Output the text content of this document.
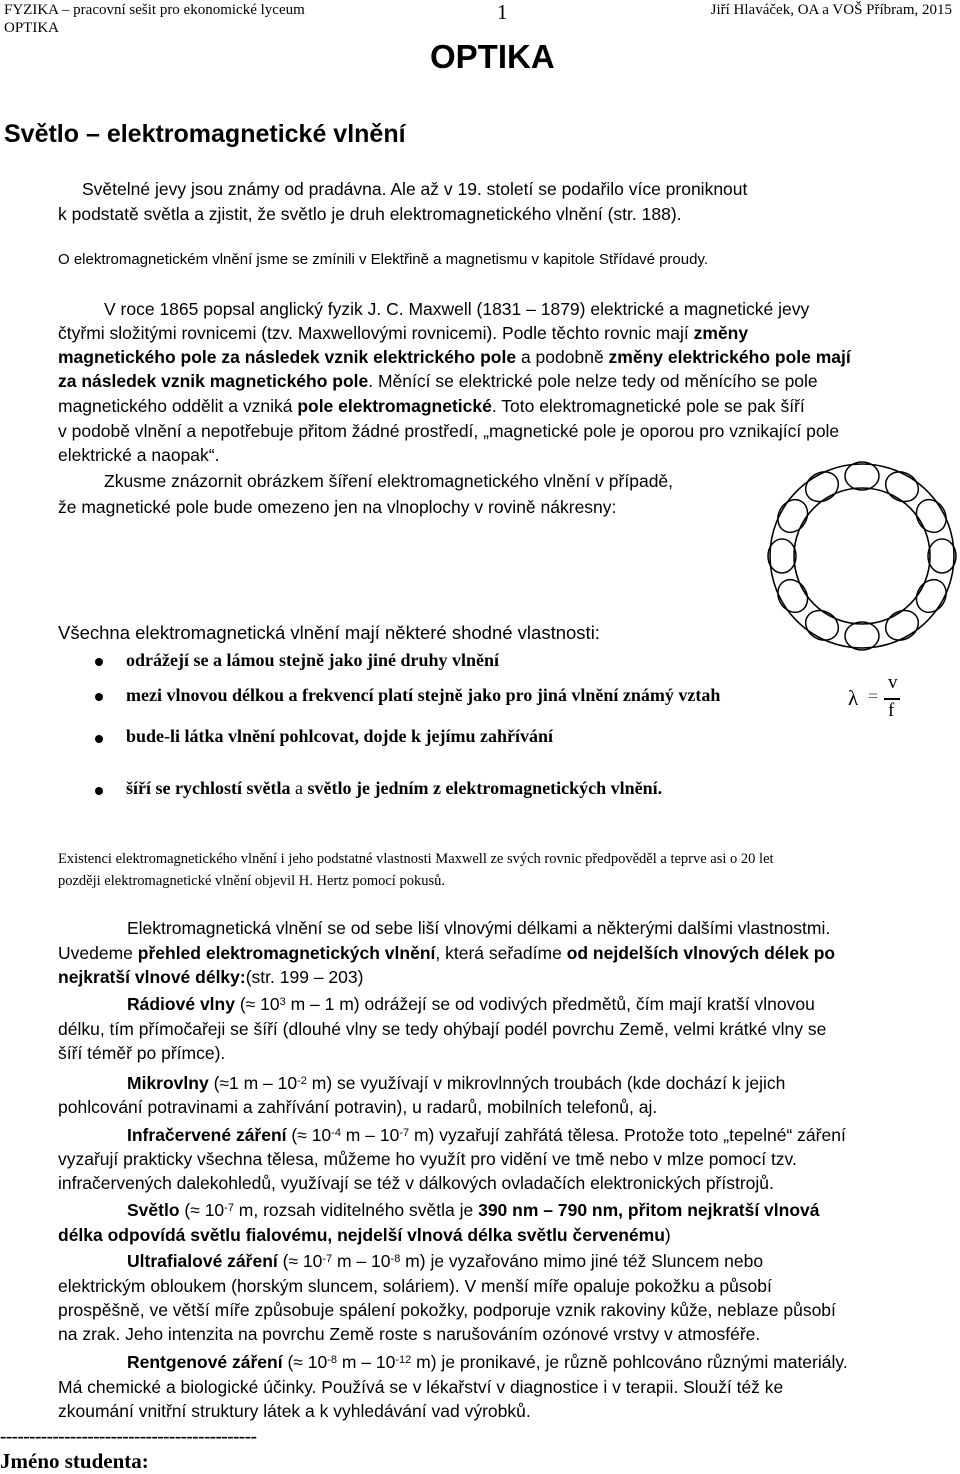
FYZIKA – pracovní sešit pro ekonomické lyceum
OPTIKA
1	Jiří Hlaváček, OA a VOŠ Příbram, 2015
OPTIKA
Světlo – elektromagnetické vlnění
Světelné jevy jsou známy od pradávna. Ale až v 19. století se podařilo více proniknout
k podstatě světla a zjistit, že světlo je druh elektromagnetického vlnění (str. 188).
O elektromagnetickém vlnění jsme se zmínili v Elektřině a magnetismu v kapitole Střídavé proudy.
V roce 1865 popsal anglický fyzik J. C. Maxwell (1831 – 1879) elektrické a magnetické jevy
čtyřmi složitými rovnicemi (tzv. Maxwellovými rovnicemi). Podle těchto rovnic mají změny
magnetického pole za následek vznik elektrického pole a podobně změny elektrického pole mají
za následek vznik magnetického pole. Měnící se elektrické pole nelze tedy od měnícího se pole
magnetického oddělit a vzniká pole elektromagnetické. Toto elektromagnetické pole se pak šíří
v podobě vlnění a nepotřebuje přitom žádné prostředí, „magnetické pole je oporou pro vznikající pole
elektrické a naopak“.
Zkusme znázornit obrázkem šíření elektromagnetického vlnění v případě,
že magnetické pole bude omezeno jen na vlnoplochy v rovině nákresny:
Všechna elektromagnetická vlnění mají některé shodné vlastnosti:
odrážejí se a lámou stejně jako jiné druhy vlnění
mezi vlnovou délkou a frekvencí platí stejně jako pro jiná vlnění známý vztah	λ =
v
f
bude-li látka vlnění pohlcovat, dojde k jejímu zahřívání
šíří se rychlostí světla a světlo je jedním z elektromagnetických vlnění.
Existenci elektromagnetického vlnění i jeho podstatné vlastnosti Maxwell ze svých rovnic předpověděl a teprve asi o 20 let
později elektromagnetické vlnění objevil H. Hertz pomocí pokusů.
Elektromagnetická vlnění se od sebe liší vlnovými délkami a některými dalšími vlastnostmi.
Uvedeme přehled elektromagnetických vlnění, která seřadíme od nejdelších vlnových délek po
nejkratší vlnové délky:(str. 199 – 203)
Rádiové vlny (≈ $10^3$ m – 1 m) odrážejí se od vodivých předmětů, čím mají kratší vlnovou
délku, tím přímočařeji se šíří (dlouhé vlny se tedy ohýbají podél povrchu Země, velmi krátké vlny se
šíří téměř po přímce).
Mikrovlny (≈1 m – $10^{-2}$ m) se využívají v mikrovlnných troubách (kde dochází k jejich
pohlcování potravinami a zahřívání potravin), u radarů, mobilních telefonů, aj.
Infračervené záření (≈ $10^{-4}$ m – $10^{-7}$ m) vyzařují zahřátá tělesa. Protože toto „tepelné“ záření
vyzařují prakticky všechna tělesa, můžeme ho využít pro vidění ve tmě nebo v mlze pomocí tzv.
infračervených dalekohledů, využívají se též v dálkových ovladačích elektronických přístrojů.
Světlo (≈ $10^{-7}$ m, rozsah viditelného světla je 390 nm – 790 nm, přitom nejkratší vlnová
délka odpovídá světlu fialovému, nejdelší vlnová délka světlu červenému)
Ultrafialové záření (≈ $10^{-7}$ m – $10^{-8}$ m) je vyzařováno mimo jiné též Sluncem nebo
elektrickým obloukem (horským sluncem, soláriem). V menší míře opaluje pokožku a působí
prospěšně, ve větší míře způsobuje spálení pokožky, podporuje vznik rakoviny kůže, neblaze působí
na zrak. Jeho intenzita na povrchu Země roste s narušováním ozónové vrstvy v atmosféře.
Rentgenové záření (≈ $10^{-8}$ m – $10^{-12}$ m) je pronikavé, je různě pohlcováno různými materiály.
Má chemické a biologické účinky. Používá se v lékařství v diagnostice i v terapii. Slouží též ke
zkoumání vnitřní struktury látek a k vyhledávání vad výrobků.
--------------------------------------------
Jméno studenta:
